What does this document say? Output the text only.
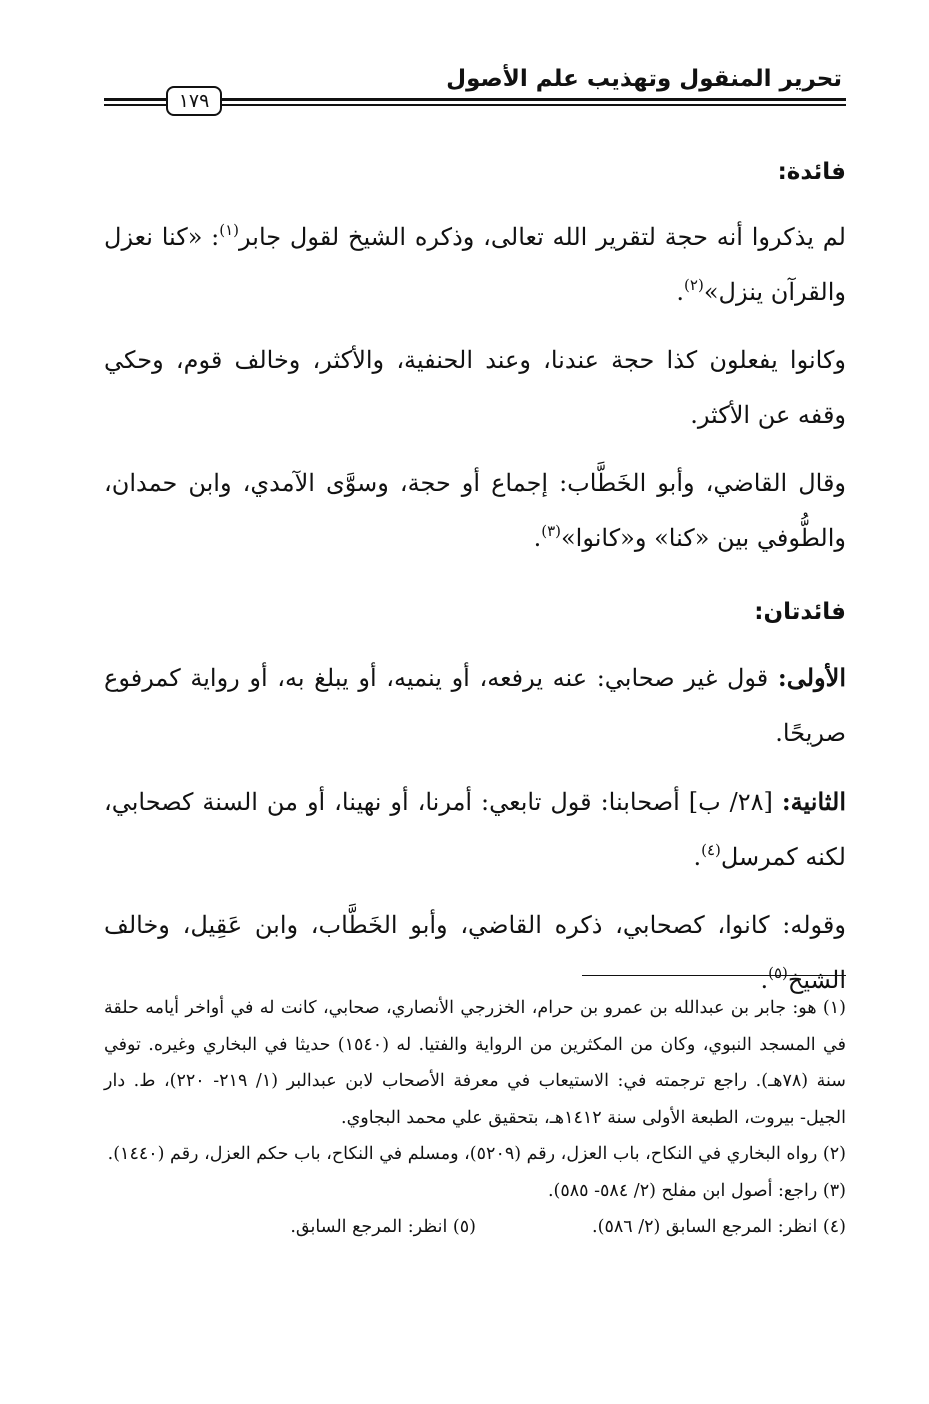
تحرير المنقول وتهذيب علم الأصول
١٧٩
فائدة:

لم يذكروا أنه حجة لتقرير الله تعالى، وذكره الشيخ لقول جابر$^{(١)}$: «كنا نعزل والقرآن ينزل»$^{(٢)}$.

وكانوا يفعلون كذا حجة عندنا، وعند الحنفية، والأكثر، وخالف قوم، وحكي وقفه عن الأكثر.

وقال القاضي، وأبو الخَطَّاب: إجماع أو حجة، وسوَّى الآمدي، وابن حمدان، والطُّوفي بين «كنا» و«كانوا»$^{(٣)}$.

فائدتان:

الأولى: قول غير صحابي: عنه يرفعه، أو ينميه، أو يبلغ به، أو رواية كمرفوع صريحًا.

الثانية: [٢٨/ ب] أصحابنا: قول تابعي: أمرنا، أو نهينا، أو من السنة كصحابي، لكنه كمرسل$^{(٤)}$.

وقوله: كانوا، كصحابي، ذكره القاضي، وأبو الخَطَّاب، وابن عَقِيل، وخالف الشيخ$^{(٥)}$.

(١) هو: جابر بن عبدالله بن عمرو بن حرام، الخزرجي الأنصاري، صحابي، كانت له في أواخر أيامه حلقة في المسجد النبوي، وكان من المكثرين من الرواية والفتيا. له (١٥٤٠) حديثا في البخاري وغيره. توفي سنة (٧٨هـ). راجع ترجمته في: الاستيعاب في معرفة الأصحاب لابن عبدالبر (١/ ٢١٩- ٢٢٠)، ط. دار الجيل- بيروت، الطبعة الأولى سنة ١٤١٢هـ، بتحقيق علي محمد البجاوي.

(٢) رواه البخاري في النكاح، باب العزل، رقم (٥٢٠٩)، ومسلم في النكاح، باب حكم العزل، رقم (١٤٤٠).

(٣) راجع: أصول ابن مفلح (٢/ ٥٨٤- ٥٨٥).

(٤) انظر: المرجع السابق (٢/ ٥٨٦).

(٥) انظر: المرجع السابق.
